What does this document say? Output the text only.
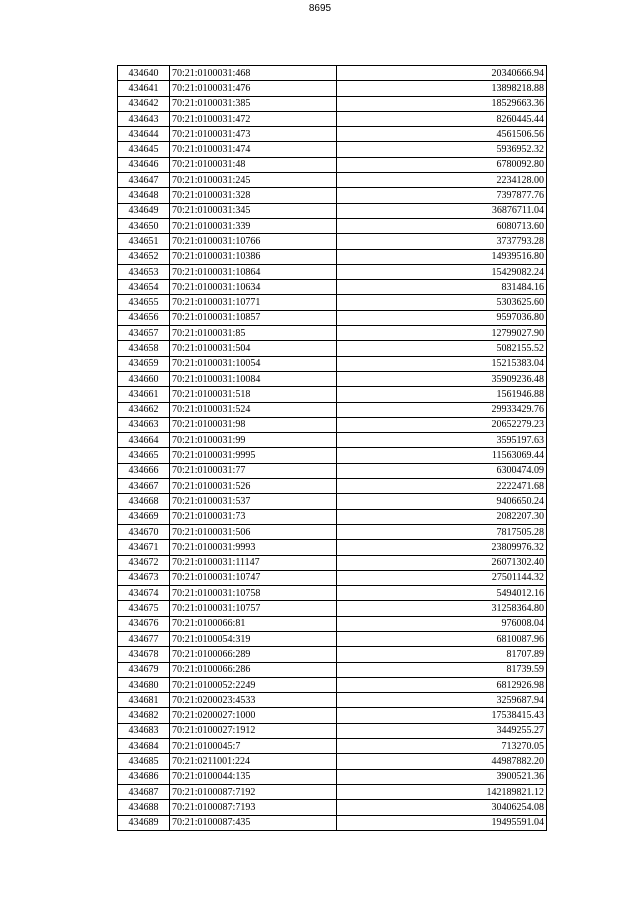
8695
434640	70:21:0100031:468	20340666.94
434641	70:21:0100031:476	13898218.88
434642	70:21:0100031:385	18529663.36
434643	70:21:0100031:472	8260445.44
434644	70:21:0100031:473	4561506.56
434645	70:21:0100031:474	5936952.32
434646	70:21:0100031:48	6780092.80
434647	70:21:0100031:245	2234128.00
434648	70:21:0100031:328	7397877.76
434649	70:21:0100031:345	36876711.04
434650	70:21:0100031:339	6080713.60
434651	70:21:0100031:10766	3737793.28
434652	70:21:0100031:10386	14939516.80
434653	70:21:0100031:10864	15429082.24
434654	70:21:0100031:10634	831484.16
434655	70:21:0100031:10771	5303625.60
434656	70:21:0100031:10857	9597036.80
434657	70:21:0100031:85	12799027.90
434658	70:21:0100031:504	5082155.52
434659	70:21:0100031:10054	15215383.04
434660	70:21:0100031:10084	35909236.48
434661	70:21:0100031:518	1561946.88
434662	70:21:0100031:524	29933429.76
434663	70:21:0100031:98	20652279.23
434664	70:21:0100031:99	3595197.63
434665	70:21:0100031:9995	11563069.44
434666	70:21:0100031:77	6300474.09
434667	70:21:0100031:526	2222471.68
434668	70:21:0100031:537	9406650.24
434669	70:21:0100031:73	2082207.30
434670	70:21:0100031:506	7817505.28
434671	70:21:0100031:9993	23809976.32
434672	70:21:0100031:11147	26071302.40
434673	70:21:0100031:10747	27501144.32
434674	70:21:0100031:10758	5494012.16
434675	70:21:0100031:10757	31258364.80
434676	70:21:0100066:81	976008.04
434677	70:21:0100054:319	6810087.96
434678	70:21:0100066:289	81707.89
434679	70:21:0100066:286	81739.59
434680	70:21:0100052:2249	6812926.98
434681	70:21:0200023:4533	3259687.94
434682	70:21:0200027:1000	17538415.43
434683	70:21:0100027:1912	3449255.27
434684	70:21:0100045:7	713270.05
434685	70:21:0211001:224	44987882.20
434686	70:21:0100044:135	3900521.36
434687	70:21:0100087:7192	142189821.12
434688	70:21:0100087:7193	30406254.08
434689	70:21:0100087:435	19495591.04
